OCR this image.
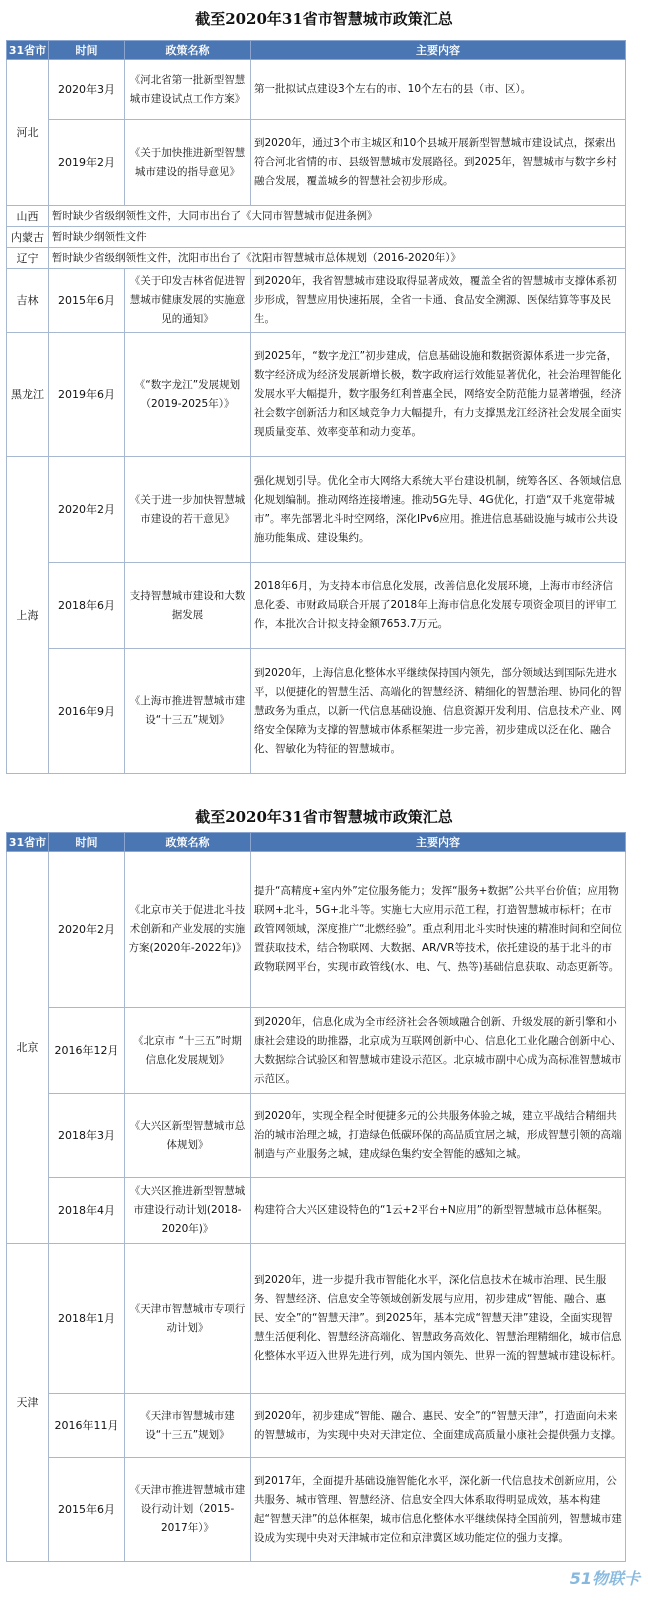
截至2020年31省市智慧城市政策汇总
31省市	时间	政策名称	主要内容
河北	2020年3月	《河北省第一批新型智慧城市建设试点工作方案》	第一批拟试点建设3个左右的市、10个左右的县（市、区）。
	2019年2月	《关于加快推进新型智慧城市建设的指导意见》	到2020年，通过3个市主城区和10个县城开展新型智慧城市建设试点，探索出符合河北省情的市、县级智慧城市发展路径。到2025年，智慧城市与数字乡村融合发展，覆盖城乡的智慧社会初步形成。
山西	暂时缺少省级纲领性文件，大同市出台了《大同市智慧城市促进条例》		
内蒙古	暂时缺少纲领性文件		
辽宁	暂时缺少省级纲领性文件，沈阳市出台了《沈阳市智慧城市总体规划（2016-2020年）》		
吉林	2015年6月	《关于印发吉林省促进智慧城市健康发展的实施意见的通知》	到2020年，我省智慧城市建设取得显著成效，覆盖全省的智慧城市支撑体系初步形成，智慧应用快速拓展，全省一卡通、食品安全溯源、医保结算等事及民生。
黑龙江	2019年6月	《“数字龙江”发展规划（2019-2025年）》	到2025年，“数字龙江”初步建成，信息基础设施和数据资源体系进一步完备，数字经济成为经济发展新增长极，数字政府运行效能显著优化，社会治理智能化发展水平大幅提升，数字服务红利普惠全民，网络安全防范能力显著增强，经济社会数字创新活力和区域竞争力大幅提升，有力支撑黑龙江经济社会发展全面实现质量变革、效率变革和动力变革。
上海	2020年2月	《关于进一步加快智慧城市建设的若干意见》	强化规划引导。优化全市大网络大系统大平台建设机制，统筹各区、各领域信息化规划编制。推动网络连接增速。推动5G先导、4G优化，打造“双千兆宽带城市”。率先部署北斗时空网络，深化IPv6应用。推进信息基础设施与城市公共设施功能集成、建设集约。
	2018年6月	支持智慧城市建设和大数据发展	2018年6月，为支持本市信息化发展，改善信息化发展环境，上海市市经济信息化委、市财政局联合开展了2018年上海市信息化发展专项资金项目的评审工作，本批次合计拟支持金额7653.7万元。
	2016年9月	《上海市推进智慧城市建设“十三五”规划》	到2020年，上海信息化整体水平继续保持国内领先，部分领域达到国际先进水平，以便捷化的智慧生活、高端化的智慧经济、精细化的智慧治理、协同化的智慧政务为重点，以新一代信息基础设施、信息资源开发利用、信息技术产业、网络安全保障为支撑的智慧城市体系框架进一步完善，初步建成以泛在化、融合化、智敏化为特征的智慧城市。
截至2020年31省市智慧城市政策汇总
31省市	时间	政策名称	主要内容
北京	2020年2月	《北京市关于促进北斗技术创新和产业发展的实施方案(2020年-2022年)》	提升“高精度+室内外”定位服务能力；发挥“服务+数据”公共平台价值；应用物联网+北斗，5G+北斗等。实施七大应用示范工程，打造智慧城市标杆；在市政管网领域，深度推广“北燃经验”。重点利用北斗实时快速的精准时间和空间位置获取技术，结合物联网、大数据、AR/VR等技术，依托建设的基于北斗的市政物联网平台，实现市政管线(水、电、气、热等)基础信息获取、动态更新等。
	2016年12月	《北京市 “十三五”时期信息化发展规划》	到2020年，信息化成为全市经济社会各领域融合创新、升级发展的新引擎和小康社会建设的助推器，北京成为互联网创新中心、信息化工业化融合创新中心、大数据综合试验区和智慧城市建设示范区。北京城市副中心成为高标准智慧城市示范区。
	2018年3月	《大兴区新型智慧城市总体规划》	到2020年，实现全程全时便捷多元的公共服务体验之城，建立平战结合精细共治的城市治理之城，打造绿色低碳环保的高品质宜居之城，形成智慧引领的高端制造与产业服务之城，建成绿色集约安全智能的感知之城。
	2018年4月	《大兴区推进新型智慧城市建设行动计划(2018-2020年)》	构建符合大兴区建设特色的“1云+2平台+N应用”的新型智慧城市总体框架。
天津	2018年1月	《天津市智慧城市专项行动计划》	到2020年，进一步提升我市智能化水平，深化信息技术在城市治理、民生服务、智慧经济、信息安全等领域创新发展与应用，初步建成“智能、融合、惠民、安全”的“智慧天津”。到2025年，基本完成“智慧天津”建设，全面实现智慧生活便利化、智慧经济高端化、智慧政务高效化、智慧治理精细化，城市信息化整体水平迈入世界先进行列，成为国内领先、世界一流的智慧城市建设标杆。
	2016年11月	《天津市智慧城市建设“十三五”规划》	到2020年，初步建成“智能、融合、惠民、安全”的“智慧天津”，打造面向未来的智慧城市，为实现中央对天津定位、全面建成高质量小康社会提供强力支撑。
	2015年6月	《天津市推进智慧城市建设行动计划（2015-2017年）》	到2017年，全面提升基础设施智能化水平，深化新一代信息技术创新应用，公共服务、城市管理、智慧经济、信息安全四大体系取得明显成效，基本构建起“智慧天津”的总体框架，城市信息化整体水平继续保持全国前列，智慧城市建设成为实现中央对天津城市定位和京津冀区域功能定位的强力支撑。
51物联卡
